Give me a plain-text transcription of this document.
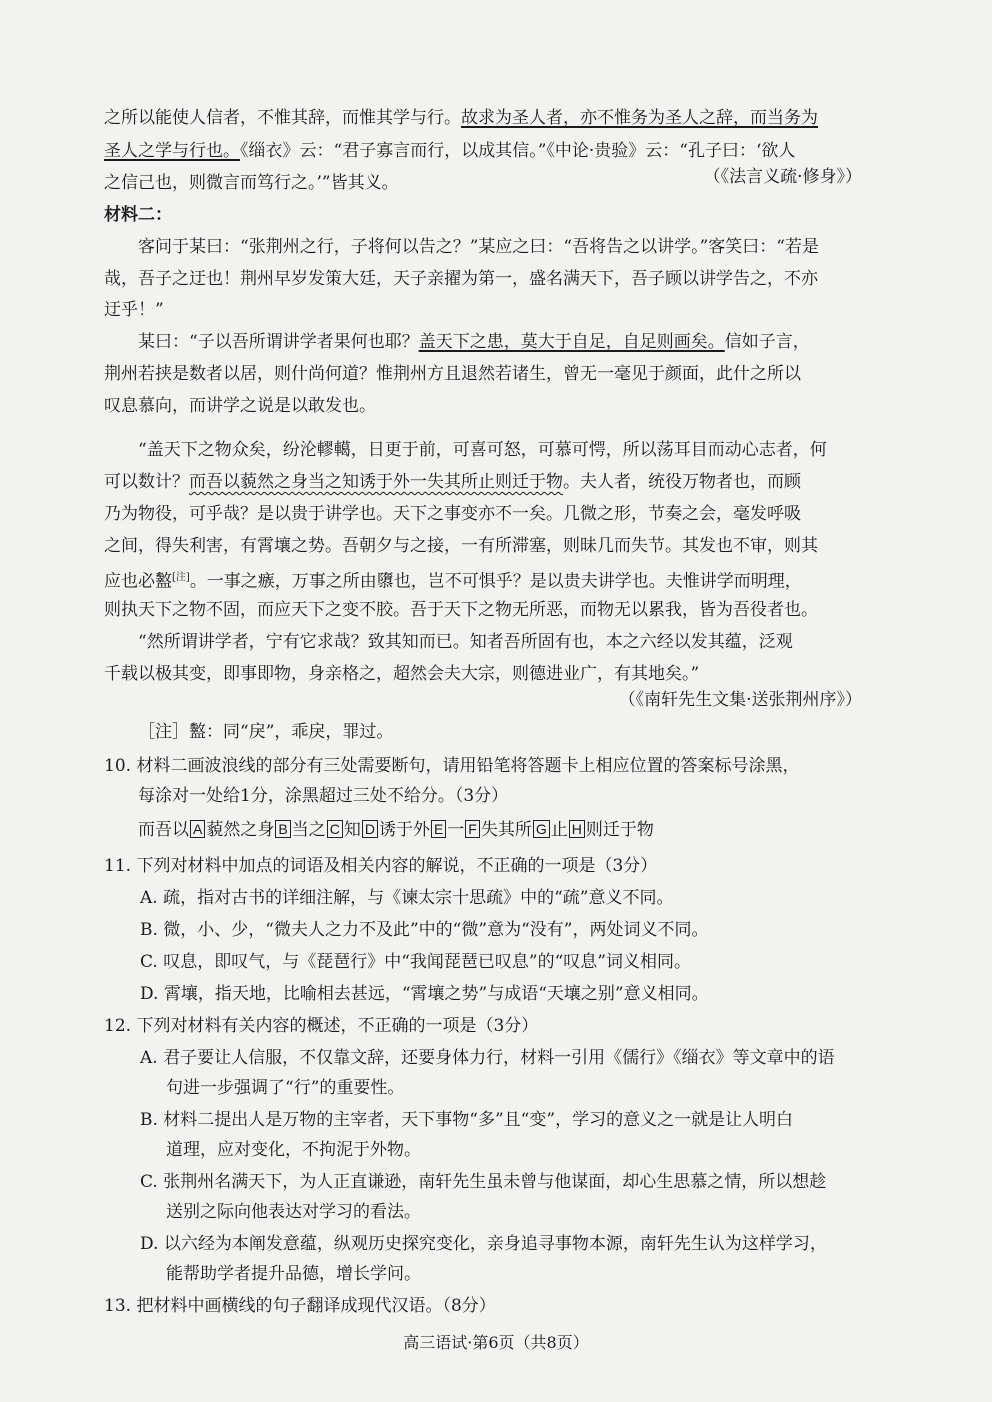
之所以能使人信者，不惟其辞，而惟其学与行。故求为圣人者，亦不惟务为圣人之辞，而当务为
圣人之学与行也。《缁衣》云：“君子寡言而行，以成其信。”《中论·贵验》云：“孔子曰：‘欲人
之信己也，则微言而笃行之。’”皆其义。	（《法言义疏·修身》）
材料二：
客问于某曰：“张荆州之行，子将何以告之？”某应之曰：“吾将告之以讲学。”客笑曰：“若是
哉，吾子之迂也！荆州早岁发策大廷，天子亲擢为第一，盛名满天下，吾子顾以讲学告之，不亦
迂乎！”
某曰：“子以吾所谓讲学者果何也耶？盖天下之患，莫大于自足，自足则画矣。信如子言，
荆州若挟是数者以居，则什尚何道？惟荆州方且退然若诸生，曾无一毫见于颜面，此什之所以
叹息慕向，而讲学之说是以敢发也。
“盖天下之物众矣，纷沦轇轕，日更于前，可喜可怒，可慕可愕，所以荡耳目而动心志者，何
可以数计？而吾以藐然之身当之知诱于外一失其所止则迁于物。夫人者，统役万物者也，而顾
乃为物役，可乎哉？是以贵于讲学也。天下之事变亦不一矣。几微之形，节奏之会，毫发呼吸
之间，得失利害，有霄壤之势。吾朝夕与之接，一有所滞塞，则昧几而失节。其发也不审，则其
应也必盭[注]。一事之瘯，万事之所由隳也，岂不可惧乎？是以贵夫讲学也。夫惟讲学而明理，
则执天下之物不固，而应天下之变不胶。吾于天下之物无所恶，而物无以累我，皆为吾役者也。
“然所谓讲学者，宁有它求哉？致其知而已。知者吾所固有也，本之六经以发其蕴，泛观
千载以极其变，即事即物，身亲格之，超然会夫大宗，则德进业广，有其地矣。”
（《南轩先生文集·送张荆州序》）
［注］盭：同“戾”，乖戾，罪过。
10. 材料二画波浪线的部分有三处需要断句，请用铅笔将答题卡上相应位置的答案标号涂黑，
每涂对一处给1分，涂黑超过三处不给分。（3分）
而吾以 A 藐然之身 B 当之 C 知 D 诱于外 E 一 F 失其所 G 止 H 则迁于物
11. 下列对材料中加点的词语及相关内容的解说，不正确的一项是（3分）
A. 疏，指对古书的详细注解，与《谏太宗十思疏》中的“疏”意义不同。
B. 微，小、少，“微夫人之力不及此”中的“微”意为“没有”，两处词义不同。
C. 叹息，即叹气，与《琵琶行》中“我闻琵琶已叹息”的“叹息”词义相同。
D. 霄壤，指天地，比喻相去甚远，“霄壤之势”与成语“天壤之别”意义相同。
12. 下列对材料有关内容的概述，不正确的一项是（3分）
A. 君子要让人信服，不仅靠文辞，还要身体力行，材料一引用《儒行》《缁衣》等文章中的语
句进一步强调了“行”的重要性。
B. 材料二提出人是万物的主宰者，天下事物“多”且“变”，学习的意义之一就是让人明白
道理，应对变化，不拘泥于外物。
C. 张荆州名满天下，为人正直谦逊，南轩先生虽未曾与他谋面，却心生思慕之情，所以想趁
送别之际向他表达对学习的看法。
D. 以六经为本阐发意蕴，纵观历史探究变化，亲身追寻事物本源，南轩先生认为这样学习，
能帮助学者提升品德，增长学问。
13. 把材料中画横线的句子翻译成现代汉语。（8分）
高三语试·第6页（共8页）
